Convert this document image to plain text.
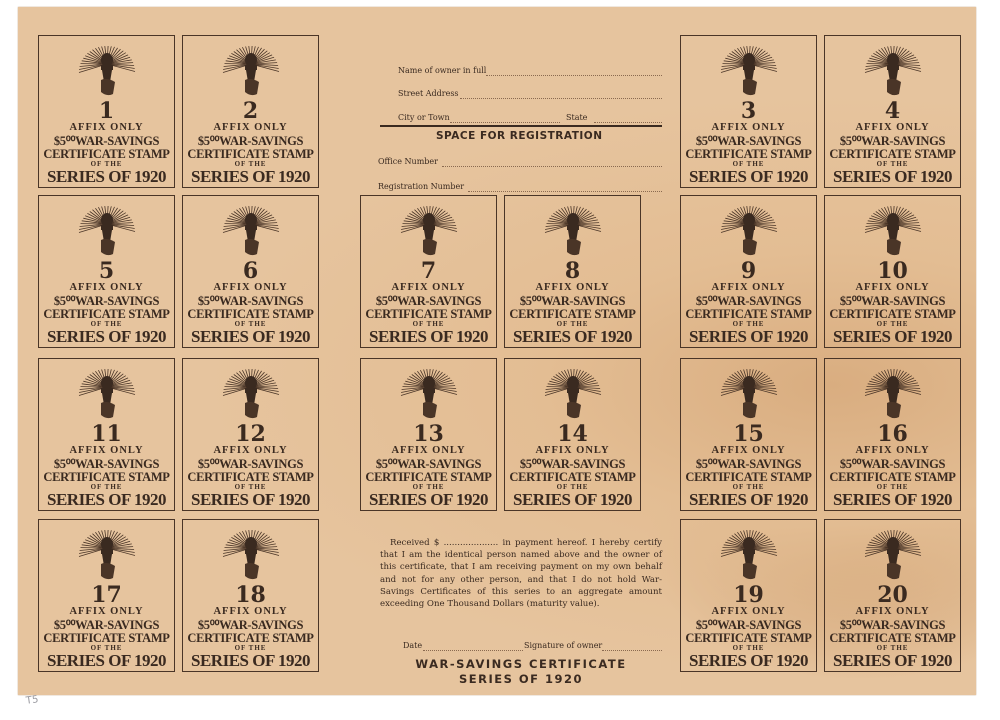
1
AFFIX ONLY
$5⁰⁰WAR-SAVINGS
CERTIFICATE STAMP
OF THE
SERIES OF 1920
2
AFFIX ONLY
$5⁰⁰WAR-SAVINGS
CERTIFICATE STAMP
OF THE
SERIES OF 1920
3
AFFIX ONLY
$5⁰⁰WAR-SAVINGS
CERTIFICATE STAMP
OF THE
SERIES OF 1920
4
AFFIX ONLY
$5⁰⁰WAR-SAVINGS
CERTIFICATE STAMP
OF THE
SERIES OF 1920
5
AFFIX ONLY
$5⁰⁰WAR-SAVINGS
CERTIFICATE STAMP
OF THE
SERIES OF 1920
6
AFFIX ONLY
$5⁰⁰WAR-SAVINGS
CERTIFICATE STAMP
OF THE
SERIES OF 1920
7
AFFIX ONLY
$5⁰⁰WAR-SAVINGS
CERTIFICATE STAMP
OF THE
SERIES OF 1920
8
AFFIX ONLY
$5⁰⁰WAR-SAVINGS
CERTIFICATE STAMP
OF THE
SERIES OF 1920
9
AFFIX ONLY
$5⁰⁰WAR-SAVINGS
CERTIFICATE STAMP
OF THE
SERIES OF 1920
10
AFFIX ONLY
$5⁰⁰WAR-SAVINGS
CERTIFICATE STAMP
OF THE
SERIES OF 1920
11
AFFIX ONLY
$5⁰⁰WAR-SAVINGS
CERTIFICATE STAMP
OF THE
SERIES OF 1920
12
AFFIX ONLY
$5⁰⁰WAR-SAVINGS
CERTIFICATE STAMP
OF THE
SERIES OF 1920
13
AFFIX ONLY
$5⁰⁰WAR-SAVINGS
CERTIFICATE STAMP
OF THE
SERIES OF 1920
14
AFFIX ONLY
$5⁰⁰WAR-SAVINGS
CERTIFICATE STAMP
OF THE
SERIES OF 1920
15
AFFIX ONLY
$5⁰⁰WAR-SAVINGS
CERTIFICATE STAMP
OF THE
SERIES OF 1920
16
AFFIX ONLY
$5⁰⁰WAR-SAVINGS
CERTIFICATE STAMP
OF THE
SERIES OF 1920
17
AFFIX ONLY
$5⁰⁰WAR-SAVINGS
CERTIFICATE STAMP
OF THE
SERIES OF 1920
18
AFFIX ONLY
$5⁰⁰WAR-SAVINGS
CERTIFICATE STAMP
OF THE
SERIES OF 1920
19
AFFIX ONLY
$5⁰⁰WAR-SAVINGS
CERTIFICATE STAMP
OF THE
SERIES OF 1920
20
AFFIX ONLY
$5⁰⁰WAR-SAVINGS
CERTIFICATE STAMP
OF THE
SERIES OF 1920
Name of owner in full
Street Address
City or Town	State
SPACE FOR REGISTRATION
Office Number
Registration Number
Received $ .................... in payment hereof. I hereby certify that I am the identical person named above and the owner of this certificate, that I am receiving payment on my own behalf and not for any other person, and that I do not hold War-Savings Certificates of this series to an aggregate amount exceeding One Thousand Dollars (maturity value).
Date	Signature of owner
WAR-SAVINGS CERTIFICATE
SERIES OF 1920
T5
